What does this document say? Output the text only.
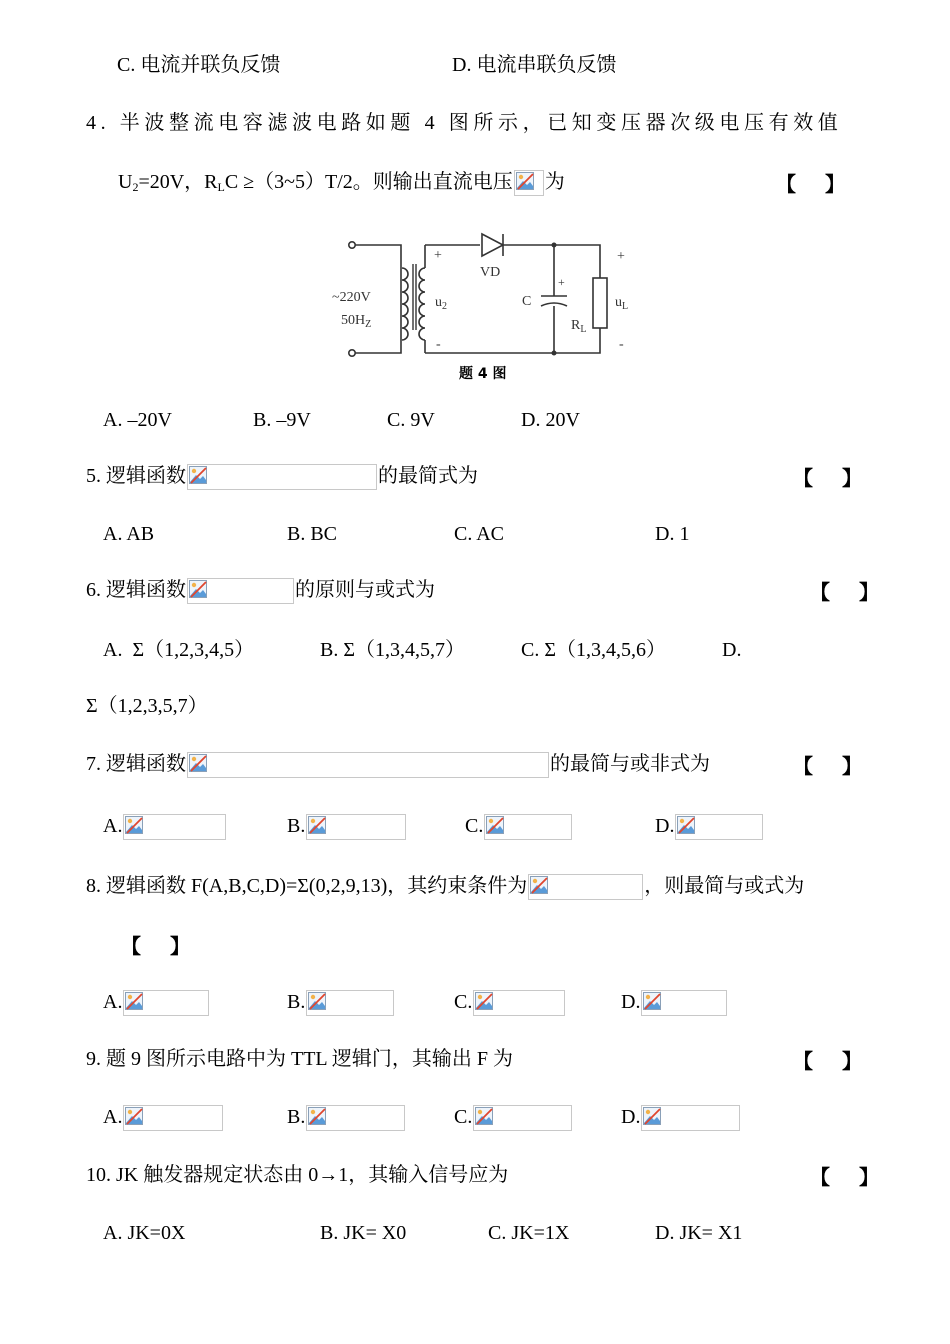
C. 电流并联负反馈	D. 电流串联负反馈
4. 半波整流电容滤波电路如题 4 图所示，已知变压器次级电压有效值
$U_2=20V$，$R_LC$ ≥（3~5）T/2。则输出直流电压 为	【 】
~220V
$50H_Z$
$u_2$
+
-
VD
C
+
$R_L$
$u_L$
+
-
题 4 图
A. –20V	B. –9V	C. 9V	D. 20V
5. 逻辑函数	的最简式为	【 】
A. AB	B. BC	C. AC	D. 1
6. 逻辑函数	的原则与或式为	【 】
A.  Σ（1,2,3,4,5）	B. Σ（1,3,4,5,7）	C. Σ（1,3,4,5,6）	D.
Σ（1,2,3,5,7）
7. 逻辑函数	的最简与或非式为	【 】
A.	B.	C.	D.
8. 逻辑函数 F(A,B,C,D)=Σ(0,2,9,13)，其约束条件为	，则最简与或式为
【 】
A.	B.	C.	D.
9. 题 9 图所示电路中为 TTL 逻辑门，其输出 F 为	【 】
A.	B.	C.	D.
10. JK 触发器规定状态由 0→1，其输入信号应为	【 】
A. JK=0X	B. JK= X0	C. JK=1X	D. JK= X1
